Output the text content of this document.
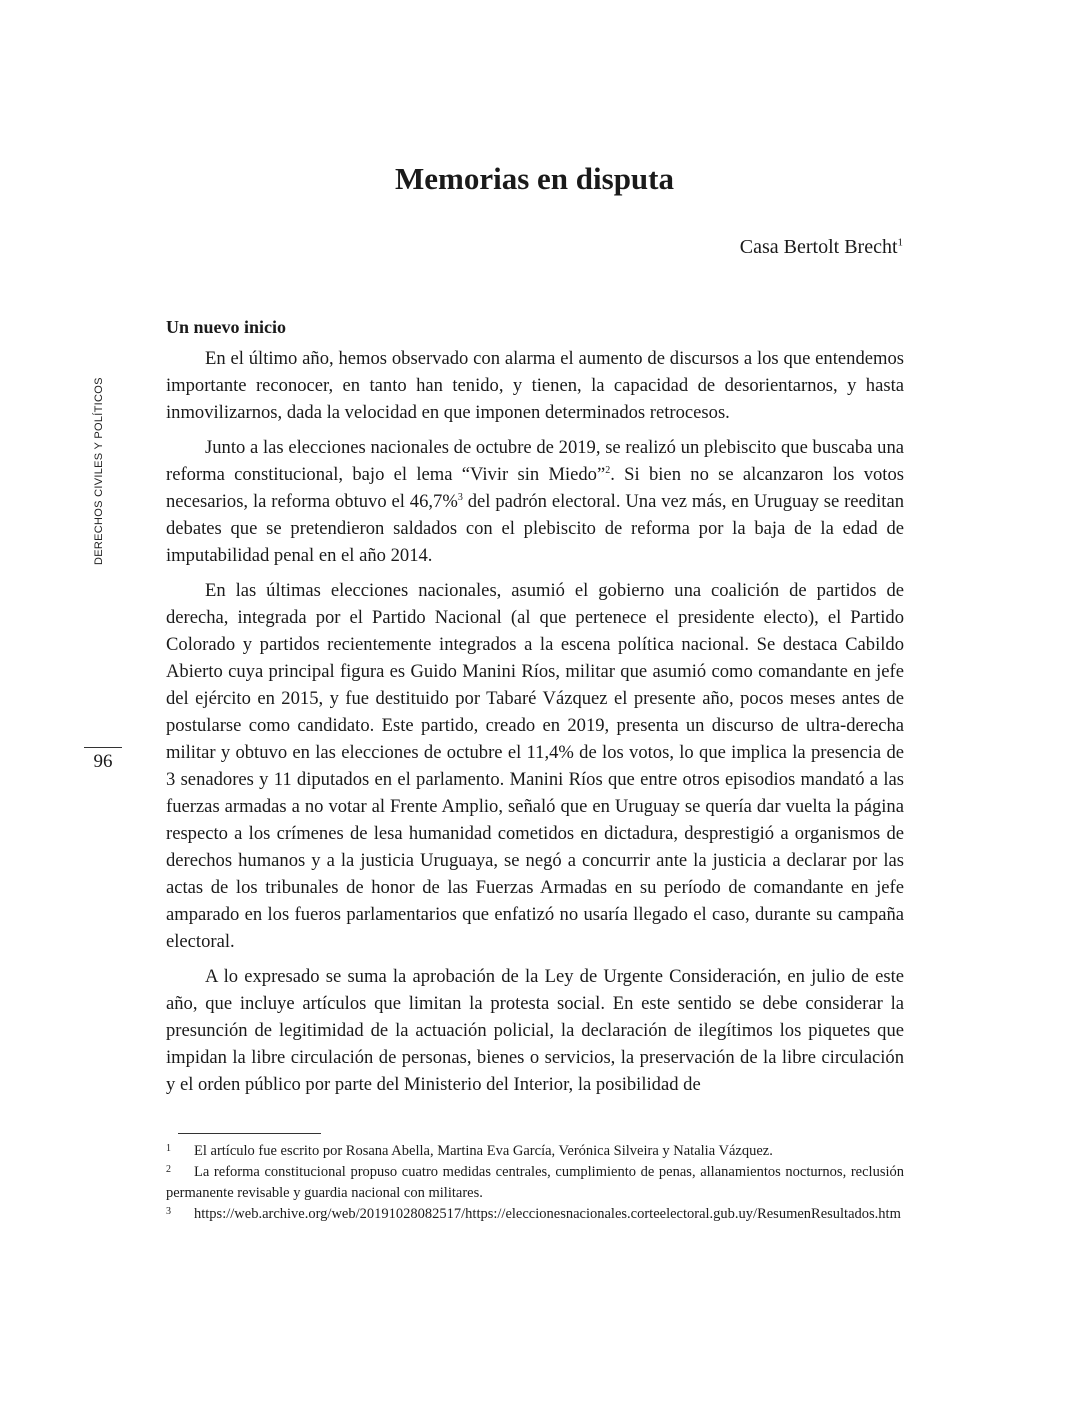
Memorias en disputa
Casa Bertolt Brecht$^1$
DERECHOS CIVILES Y POLÍTICOS
96
Un nuevo inicio

En el último año, hemos observado con alarma el aumento de discursos a los que entendemos importante reconocer, en tanto han tenido, y tienen, la capacidad de desorientarnos, y hasta inmovilizarnos, dada la velocidad en que imponen determinados retrocesos.

Junto a las elecciones nacionales de octubre de 2019, se realizó un plebiscito que buscaba una reforma constitucional, bajo el lema “Vivir sin Miedo”$^2$. Si bien no se alcanzaron los votos necesarios, la reforma obtuvo el 46,7%$^3$ del padrón electoral. Una vez más, en Uruguay se reeditan debates que se pretendieron saldados con el plebiscito de reforma por la baja de la edad de imputabilidad penal en el año 2014.

En las últimas elecciones nacionales, asumió el gobierno una coalición de partidos de derecha, integrada por el Partido Nacional (al que pertenece el presidente electo), el Partido Colorado y partidos recientemente integrados a la escena política nacional. Se destaca Cabildo Abierto cuya principal figura es Guido Manini Ríos, militar que asumió como comandante en jefe del ejército en 2015, y fue destituido por Tabaré Vázquez el presente año, pocos meses antes de postularse como candidato. Este partido, creado en 2019, presenta un discurso de ultra-derecha militar y obtuvo en las elecciones de octubre el 11,4% de los votos, lo que implica la presencia de 3 senadores y 11 diputados en el parlamento. Manini Ríos que entre otros episodios mandató a las fuerzas armadas a no votar al Frente Amplio, señaló que en Uruguay se quería dar vuelta la página respecto a los crímenes de lesa humanidad cometidos en dictadura, desprestigió a organismos de derechos humanos y a la justicia Uruguaya, se negó a concurrir ante la justicia a declarar por las actas de los tribunales de honor de las Fuerzas Armadas en su período de comandante en jefe amparado en los fueros parlamentarios que enfatizó no usaría llegado el caso, durante su campaña electoral.

A lo expresado se suma la aprobación de la Ley de Urgente Consideración, en julio de este año, que incluye artículos que limitan la protesta social. En este sentido se debe considerar la presunción de legitimidad de la actuación policial, la declaración de ilegítimos los piquetes que impidan la libre circulación de personas, bienes o servicios, la preservación de la libre circulación y el orden público por parte del Ministerio del Interior, la posibilidad de

1 El artículo fue escrito por Rosana Abella, Martina Eva García, Verónica Silveira y Natalia Vázquez.
2 La reforma constitucional propuso cuatro medidas centrales, cumplimiento de penas, allanamientos nocturnos, reclusión permanente revisable y guardia nacional con militares.
3 https://web.archive.org/web/20191028082517/https://eleccionesnacionales.corteelectoral.gub.uy/ResumenResultados.htm
